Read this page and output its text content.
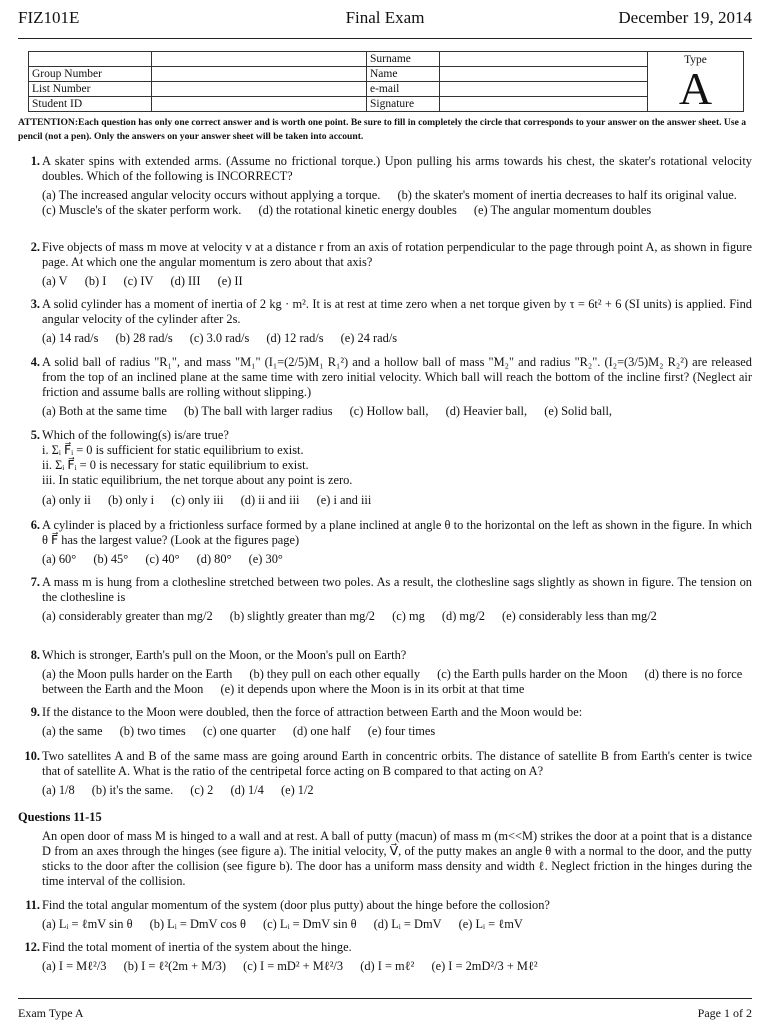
FIZ101E	Final Exam	December 19, 2014
		Surname		Type
A

Group Number		Name		
List Number		e-mail		
Student ID		Signature		
ATTENTION:Each question has only one correct answer and is worth one point. Be sure to fill in completely the circle that corresponds to your answer on the answer sheet. Use a pencil (not a pen). Only the answers on your answer sheet will be taken into account.
1. A skater spins with extended arms. (Assume no frictional torque.) Upon pulling his arms towards his chest, the skater's rotational velocity doubles. Which of the following is INCORRECT?
(a) The increased angular velocity occurs without applying a torque. (b) the skater's moment of inertia decreases to half its original value. (c) Muscle's of the skater perform work. (d) the rotational kinetic energy doubles (e) The angular momentum doubles
2. Five objects of mass m move at velocity v at a distance r from an axis of rotation perpendicular to the page through point A, as shown in figure page. At which one the angular momentum is zero about that axis?
(a) V (b) I (c) IV (d) III (e) II
3. A solid cylinder has a moment of inertia of 2 kg · m². It is at rest at time zero when a net torque given by τ = 6t² + 6 (SI units) is applied. Find angular velocity of the cylinder after 2s.
(a) 14 rad/s (b) 28 rad/s (c) 3.0 rad/s (d) 12 rad/s (e) 24 rad/s
4. A solid ball of radius "R₁", and mass "M₁" (I₁=(2/5)M₁ R₁²) and a hollow ball of mass "M₂" and radius "R₂". (I₂=(3/5)M₂ R₂²) are released from the top of an inclined plane at the same time with zero initial velocity. Which ball will reach the bottom of the incline first? (Neglect air friction and assume balls are rolling without slipping.)
(a) Both at the same time (b) The ball with larger radius (c) Hollow ball, (d) Heavier ball, (e) Solid ball,
5. Which of the following(s) is/are true?
i. Σᵢ F⃗ᵢ = 0 is sufficient for static equilibrium to exist.
ii. Σᵢ F⃗ᵢ = 0 is necessary for static equilibrium to exist.
iii. In static equilibrium, the net torque about any point is zero.
(a) only ii (b) only i (c) only iii (d) ii and iii (e) i and iii
6. A cylinder is placed by a frictionless surface formed by a plane inclined at angle θ to the horizontal on the left as shown in the figure. In which θ F⃗ has the largest value? (Look at the figures page)
(a) 60° (b) 45° (c) 40° (d) 80° (e) 30°
7. A mass m is hung from a clothesline stretched between two poles. As a result, the clothesline sags slightly as shown in figure. The tension on the clothesline is
(a) considerably greater than mg/2 (b) slightly greater than mg/2 (c) mg (d) mg/2 (e) considerably less than mg/2
8. Which is stronger, Earth's pull on the Moon, or the Moon's pull on Earth?
(a) the Moon pulls harder on the Earth (b) they pull on each other equally (c) the Earth pulls harder on the Moon (d) there is no force between the Earth and the Moon (e) it depends upon where the Moon is in its orbit at that time
9. If the distance to the Moon were doubled, then the force of attraction between Earth and the Moon would be:
(a) the same (b) two times (c) one quarter (d) one half (e) four times
10. Two satellites A and B of the same mass are going around Earth in concentric orbits. The distance of satellite B from Earth's center is twice that of satellite A. What is the ratio of the centripetal force acting on B compared to that acting on A?
(a) 1/8 (b) it's the same. (c) 2 (d) 1/4 (e) 1/2
Questions 11-15
An open door of mass M is hinged to a wall and at rest. A ball of putty (macun) of mass m (m<<M) strikes the door at a point that is a distance D from an axes through the hinges (see figure a). The initial velocity, V⃗, of the putty makes an angle θ with a normal to the door, and the putty sticks to the door after the collision (see figure b). The door has a uniform mass density and width ℓ. Neglect friction in the hinges during the time interval of the collision.
11. Find the total angular momentum of the system (door plus putty) about the hinge before the collosion?
(a) Lᵢ = ℓmV sin θ (b) Lᵢ = DmV cos θ (c) Lᵢ = DmV sin θ (d) Lᵢ = DmV (e) Lᵢ = ℓmV
12. Find the total moment of inertia of the system about the hinge.
(a) I = Mℓ²/3 (b) I = ℓ²(2m + M/3) (c) I = mD² + Mℓ²/3 (d) I = mℓ² (e) I = 2mD²/3 + Mℓ²
Exam Type A	Page 1 of 2
